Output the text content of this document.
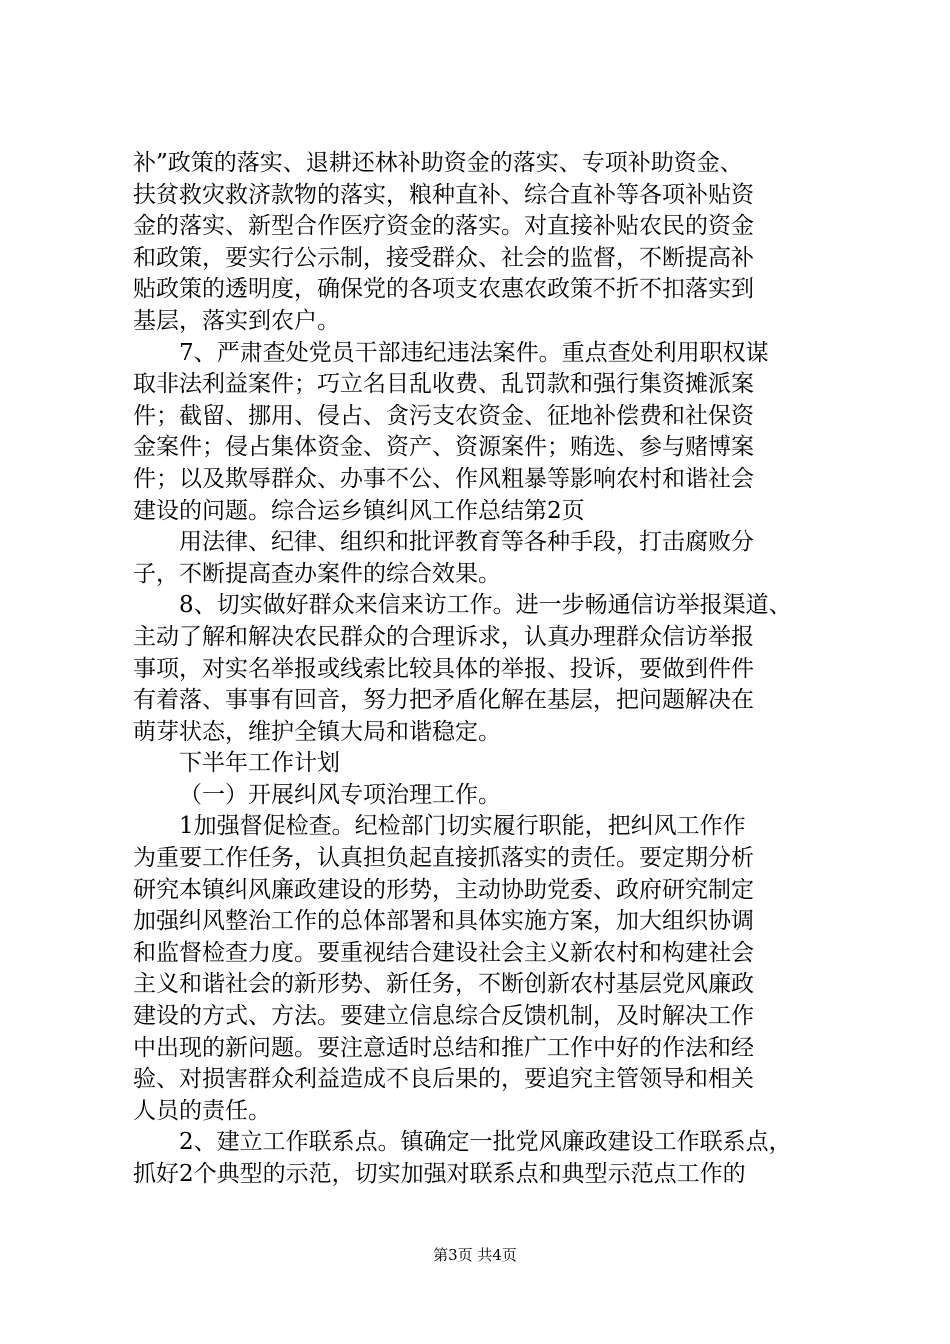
补”政策的落实、退耕还林补助资金的落实、专项补助资金、
扶贫救灾救济款物的落实，粮种直补、综合直补等各项补贴资
金的落实、新型合作医疗资金的落实。对直接补贴农民的资金
和政策，要实行公示制，接受群众、社会的监督，不断提高补
贴政策的透明度，确保党的各项支农惠农政策不折不扣落实到
基层，落实到农户。
7、严肃查处党员干部违纪违法案件。重点查处利用职权谋
取非法利益案件；巧立名目乱收费、乱罚款和强行集资摊派案
件；截留、挪用、侵占、贪污支农资金、征地补偿费和社保资
金案件；侵占集体资金、资产、资源案件；贿选、参与赌博案
件；以及欺辱群众、办事不公、作风粗暴等影响农村和谐社会
建设的问题。综合运乡镇纠风工作总结第2页
用法律、纪律、组织和批评教育等各种手段，打击腐败分
子，不断提高查办案件的综合效果。
8、切实做好群众来信来访工作。进一步畅通信访举报渠道、
主动了解和解决农民群众的合理诉求，认真办理群众信访举报
事项，对实名举报或线索比较具体的举报、投诉，要做到件件
有着落、事事有回音，努力把矛盾化解在基层，把问题解决在
萌芽状态，维护全镇大局和谐稳定。
下半年工作计划
（一）开展纠风专项治理工作。
1加强督促检查。纪检部门切实履行职能，把纠风工作作
为重要工作任务，认真担负起直接抓落实的责任。要定期分析
研究本镇纠风廉政建设的形势，主动协助党委、政府研究制定
加强纠风整治工作的总体部署和具体实施方案，加大组织协调
和监督检查力度。要重视结合建设社会主义新农村和构建社会
主义和谐社会的新形势、新任务，不断创新农村基层党风廉政
建设的方式、方法。要建立信息综合反馈机制，及时解决工作
中出现的新问题。要注意适时总结和推广工作中好的作法和经
验、对损害群众利益造成不良后果的，要追究主管领导和相关
人员的责任。
2、建立工作联系点。镇确定一批党风廉政建设工作联系点，
抓好2个典型的示范，切实加强对联系点和典型示范点工作的
第3页 共4页
